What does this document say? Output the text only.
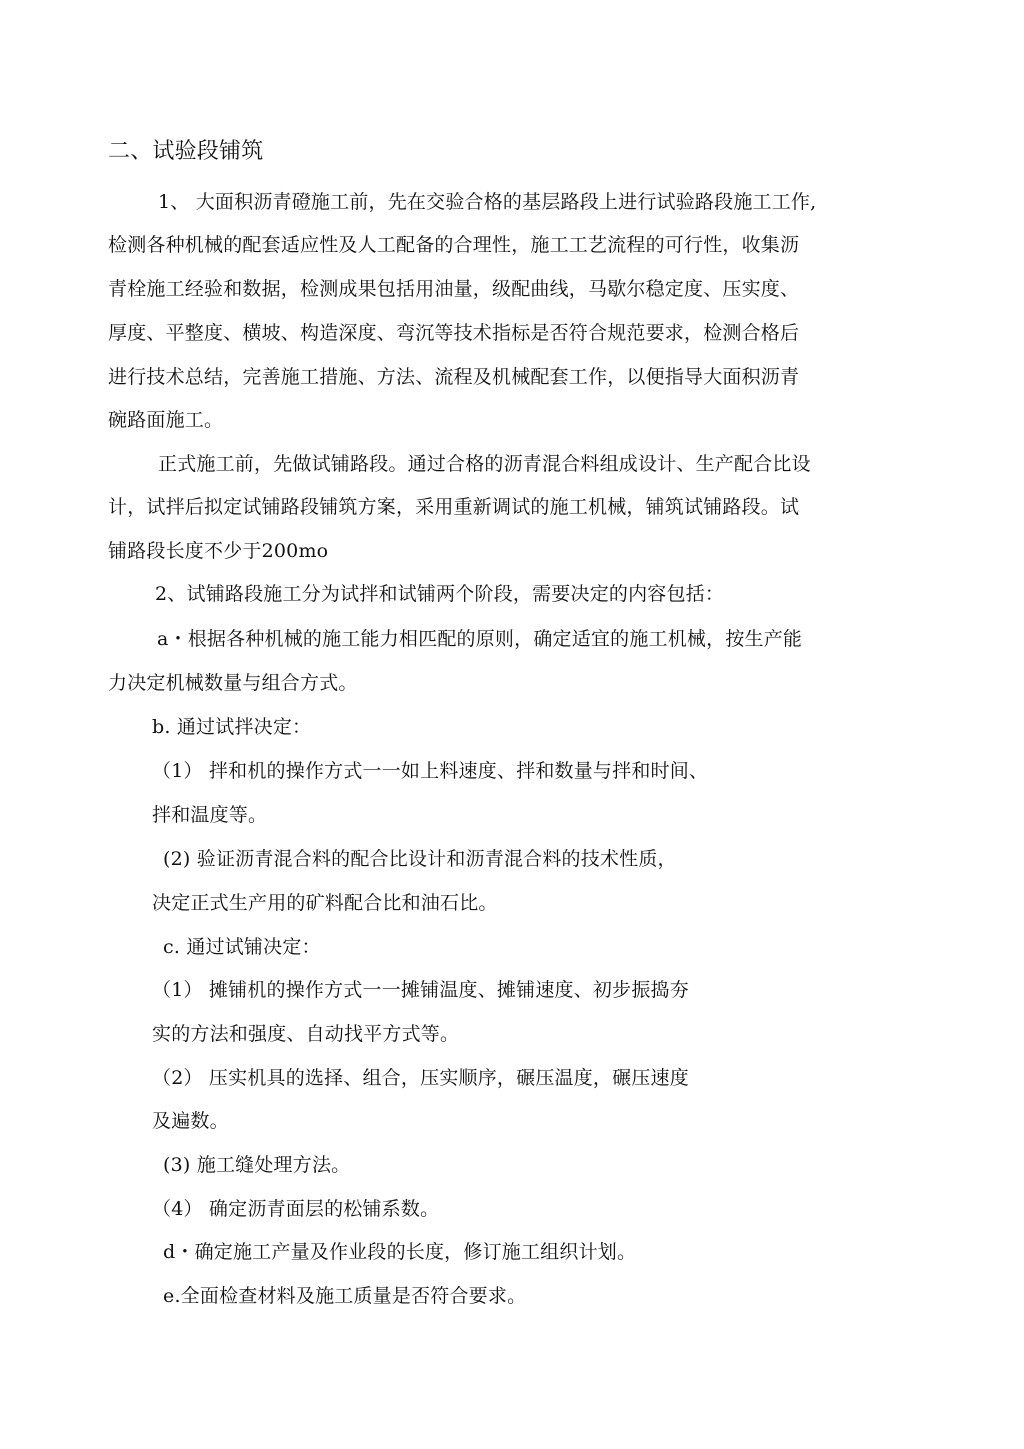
二、试验段铺筑
1、 大面积沥青磴施工前，先在交验合格的基层路段上进行试验路段施工工作,
检测各种机械的配套适应性及人工配备的合理性，施工工艺流程的可行性，收集沥
青栓施工经验和数据，检测成果包括用油量，级配曲线，马歇尔稳定度、压实度、
厚度、平整度、横坡、构造深度、弯沉等技术指标是否符合规范要求，检测合格后
进行技术总结，完善施工措施、方法、流程及机械配套工作，以便指导大面积沥青
碗路面施工。
正式施工前，先做试铺路段。通过合格的沥青混合料组成设计、生产配合比设
计，试拌后拟定试铺路段铺筑方案，采用重新调试的施工机械，铺筑试铺路段。试
铺路段长度不少于200mo
2、试铺路段施工分为试拌和试铺两个阶段，需要决定的内容包括：
a・根据各种机械的施工能力相匹配的原则，确定适宜的施工机械，按生产能
力决定机械数量与组合方式。
b. 通过试拌决定：
（1） 拌和机的操作方式一一如上料速度、拌和数量与拌和时间、
拌和温度等。
(2) 验证沥青混合料的配合比设计和沥青混合料的技术性质，
决定正式生产用的矿料配合比和油石比。
c. 通过试铺决定：
（1） 摊铺机的操作方式一一摊铺温度、摊铺速度、初步振捣夯
实的方法和强度、自动找平方式等。
（2） 压实机具的选择、组合，压实顺序，碾压温度，碾压速度
及遍数。
(3) 施工缝处理方法。
（4） 确定沥青面层的松铺系数。
d・确定施工产量及作业段的长度，修订施工组织计划。
e.全面检查材料及施工质量是否符合要求。
